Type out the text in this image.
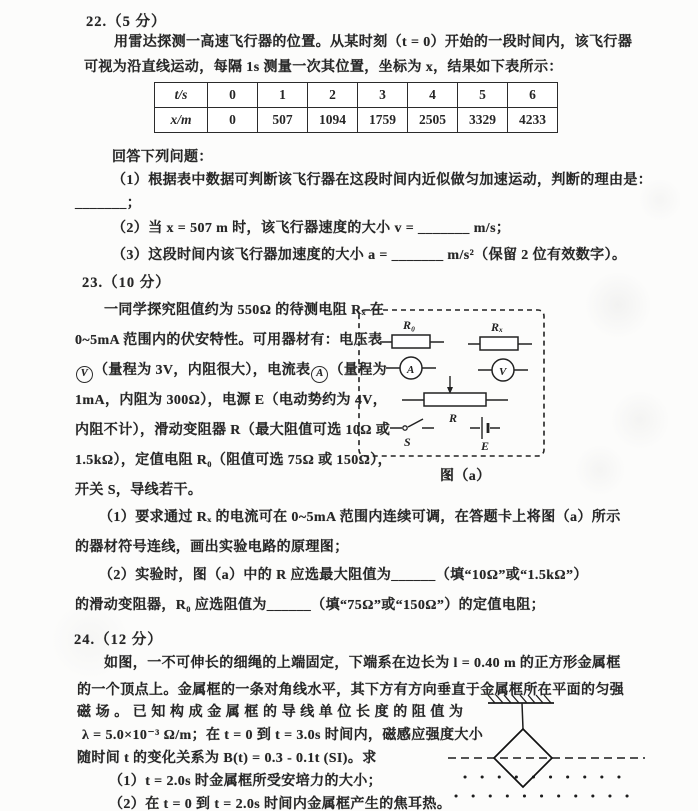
22.（5 分）
用雷达探测一高速飞行器的位置。从某时刻（t = 0）开始的一段时间内，该飞行器
可视为沿直线运动，每隔 1s 测量一次其位置，坐标为 x，结果如下表所示：
t/s	0	1	2	3	4	5	6
x/m	0	507	1094	1759	2505	3329	4233
回答下列问题：
（1）根据表中数据可判断该飞行器在这段时间内近似做匀加速运动，判断的理由是：
_______；
（2）当 x = 507 m 时，该飞行器速度的大小 v = _______ m/s；
（3）这段时间内该飞行器加速度的大小 a = _______ m/s²（保留 2 位有效数字）。
23.（10 分）
一同学探究阻值约为 550Ω 的待测电阻 Rₓ 在
0~5mA 范围内的伏安特性。可用器材有：电压表
V （量程为 3V，内阻很大），电流表 A （量程为
1mA，内阻为 300Ω），电源 E（电动势约为 4V，
内阻不计），滑动变阻器 R（最大阻值可选 10Ω 或
1.5kΩ），定值电阻 R₀（阻值可选 75Ω 或 150Ω），
开关 S，导线若干。
R₀	Rₓ
A	V
R
S	E
图（a）
（1）要求通过 Rₓ 的电流可在 0~5mA 范围内连续可调，在答题卡上将图（a）所示
的器材符号连线，画出实验电路的原理图；
（2）实验时，图（a）中的 R 应选最大阻值为______（填“10Ω”或“1.5kΩ”）
的滑动变阻器，R₀ 应选阻值为______（填“75Ω”或“150Ω”）的定值电阻；
24.（12 分）
如图，一不可伸长的细绳的上端固定，下端系在边长为 l = 0.40 m 的正方形金属框
的一个顶点上。金属框的一条对角线水平，其下方有方向垂直于金属框所在平面的匀强
磁场。已知构成金属框的导线单位长度的阻值为
λ = 5.0×10⁻³ Ω/m；在 t = 0 到 t = 3.0s 时间内，磁感应强度大小
随时间 t 的变化关系为 B(t) = 0.3 - 0.1t (SI)。求
（1）t = 2.0s 时金属框所受安培力的大小；
（2）在 t = 0 到 t = 2.0s 时间内金属框产生的焦耳热。
